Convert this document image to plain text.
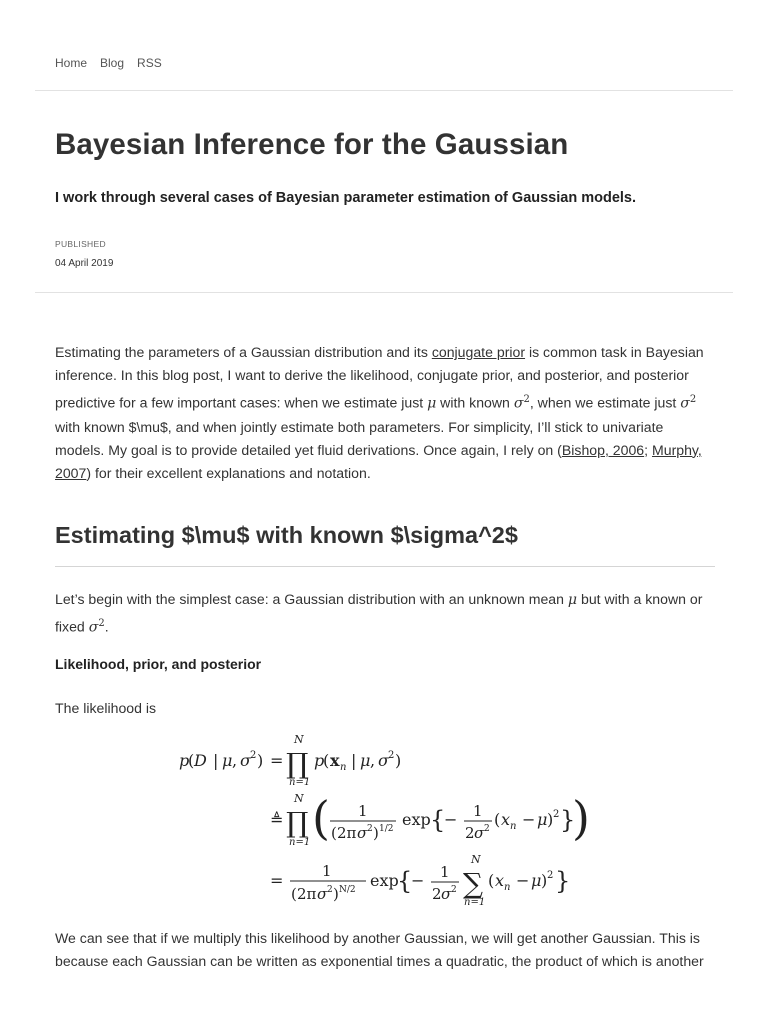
Home Blog RSS
Bayesian Inference for the Gaussian

I work through several cases of Bayesian parameter estimation of Gaussian models.

PUBLISHED
04 April 2019

Estimating the parameters of a Gaussian distribution and its conjugate prior is common task in Bayesian inference. In this blog post, I want to derive the likelihood, conjugate prior, and posterior, and posterior predictive for a few important cases: when we estimate just μ with known $\sigma^2$, when we estimate just $\sigma^2$ with known $\mu$, and when jointly estimate both parameters. For simplicity, I’ll stick to univariate models. My goal is to provide detailed yet fluid derivations. Once again, I rely on (Bishop, 2006; Murphy, 2007) for their excellent explanations and notation.

Estimating $\mu$ with known $\sigma^2$

Let’s begin with the simplest case: a Gaussian distribution with an unknown mean μ but with a known or fixed $\sigma^2$.

Likelihood, prior, and posterior

The likelihood is

p
( D | μ , σ 2 ) =
N
∏
n=1
p
( x n | μ , σ 2 )
≜
N
∏
n=1 ( 1
( 2π σ 2 ) 1/2 exp {
− 1
2 σ 2 ( x n − μ ) 2 }
)
=	1
( 2π σ 2 ) N/2 exp
{
− 1
2 σ 2
N
∑
n=1
( x n − μ ) 2 }

We can see that if we multiply this likelihood by another Gaussian, we will get another Gaussian. This is because each Gaussian can be written as exponential times a quadratic, the product of which is another
